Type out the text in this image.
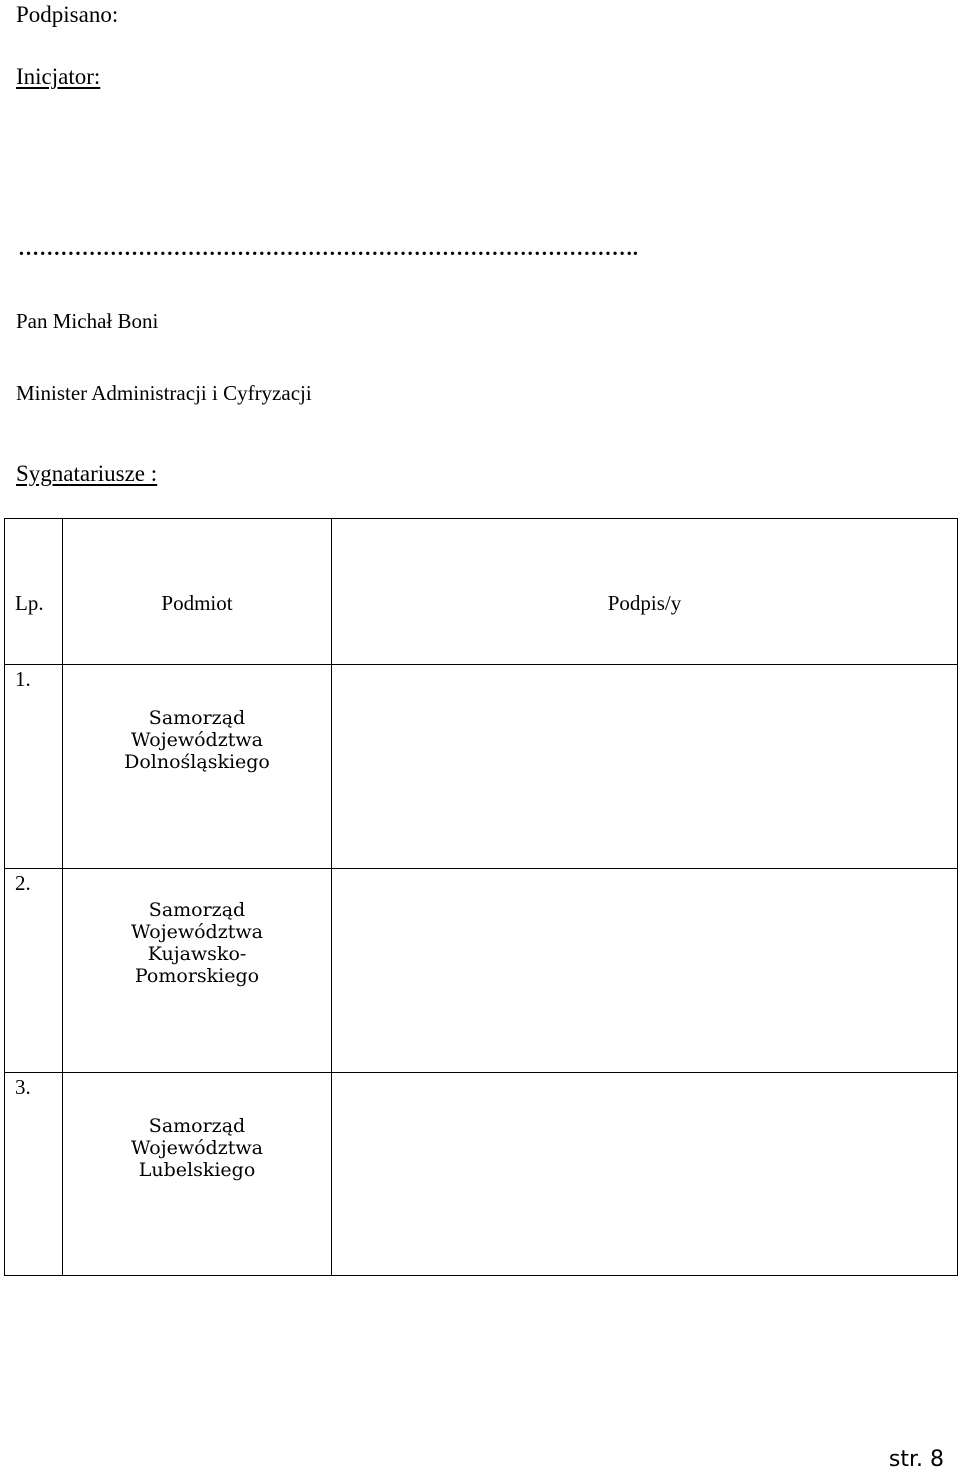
Podpisano:
Inicjator:
…………………………………………………………………………….
Pan Michał Boni
Minister Administracji i Cyfryzacji
Sygnatariusze :
Lp.	Podmiot	Podpis/y

1.	Samorząd
Województwa
Dolnośląskiego	

2.	Samorząd
Województwa
Kujawsko-
Pomorskiego	

3.	Samorząd
Województwa
Lubelskiego	

str. 8
